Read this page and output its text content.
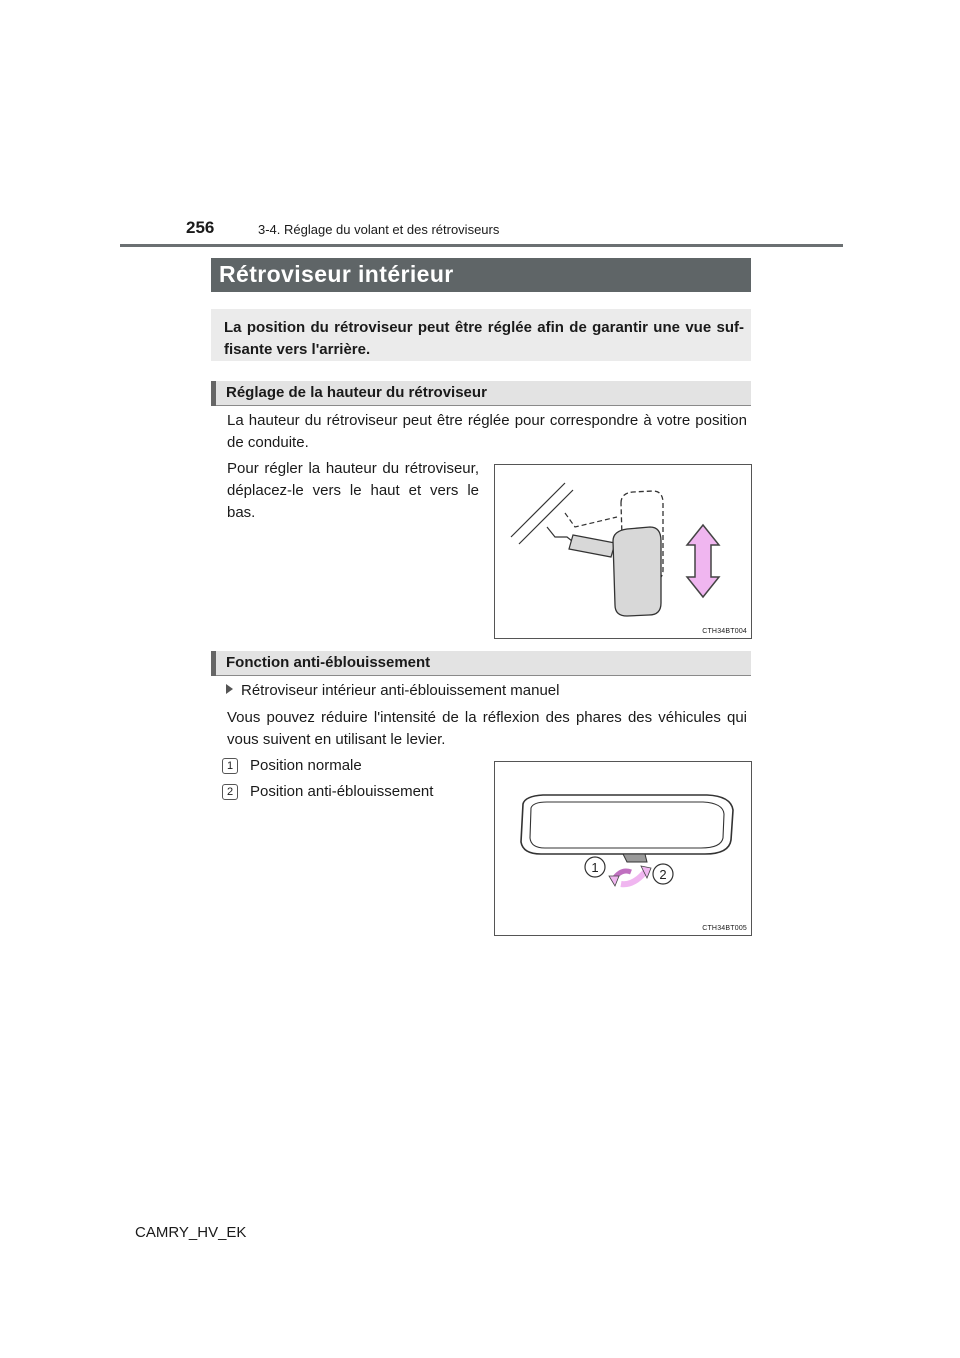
256	3-4. Réglage du volant et des rétroviseurs
Rétroviseur intérieur
La position du rétroviseur peut être réglée afin de garantir une vue suf- fisante vers l'arrière.
Réglage de la hauteur du rétroviseur
La hauteur du rétroviseur peut être réglée pour correspondre à votre position de conduite.
Pour régler la hauteur du rétroviseur, déplacez-le vers le haut et vers le bas.
CTH34BT004
Fonction anti-éblouissement
Rétroviseur intérieur anti-éblouissement manuel
Vous pouvez réduire l'intensité de la réflexion des phares des véhicules qui vous suivent en utilisant le levier.
1 Position normale
2 Position anti-éblouissement
1	2
CTH34BT005
CAMRY_HV_EK
